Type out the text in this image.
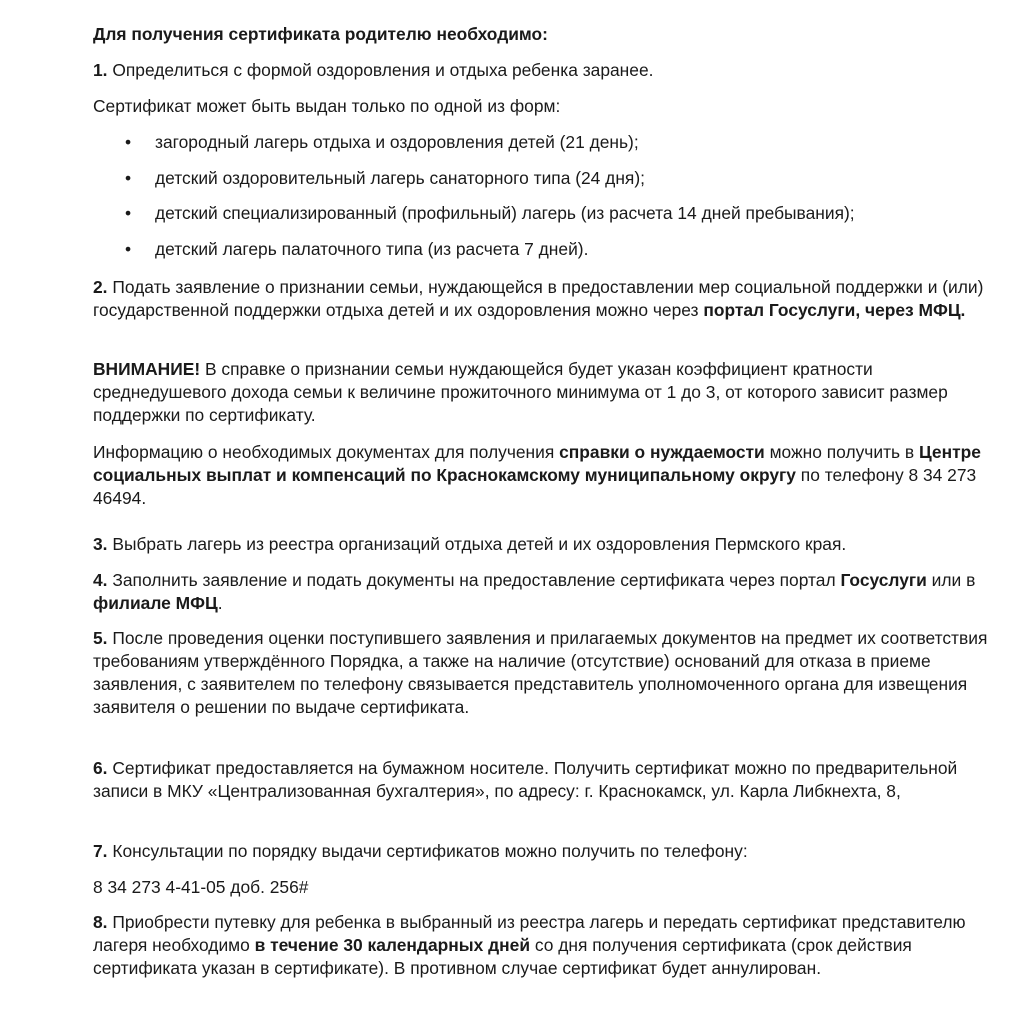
Для получения сертификата родителю необходимо:

1. Определиться с формой оздоровления и отдыха ребенка заранее.

Сертификат может быть выдан только по одной из форм:

• загородный лагерь отдыха и оздоровления детей (21 день);
• детский оздоровительный лагерь санаторного типа (24 дня);
• детский специализированный (профильный) лагерь (из расчета 14 дней пребывания);
• детский лагерь палаточного типа (из расчета 7 дней).

2. Подать заявление о признании семьи, нуждающейся в предоставлении мер социальной поддержки и (или) государственной поддержки отдыха детей и их оздоровления можно через портал Госуслуги, через МФЦ.

ВНИМАНИЕ! В справке о признании семьи нуждающейся будет указан коэффициент кратности среднедушевого дохода семьи к величине прожиточного минимума от 1 до 3, от которого зависит размер поддержки по сертификату.

Информацию о необходимых документах для получения справки о нуждаемости можно получить в Центре социальных выплат и компенсаций по Краснокамскому муниципальному округу по телефону 8 34 273 46494.

3. Выбрать лагерь из реестра организаций отдыха детей и их оздоровления Пермского края.

4. Заполнить заявление и подать документы на предоставление сертификата через портал Госуслуги или в филиале МФЦ.

5. После проведения оценки поступившего заявления и прилагаемых документов на предмет их соответствия требованиям утверждённого Порядка, а также на наличие (отсутствие) оснований для отказа в приеме заявления, с заявителем по телефону связывается представитель уполномоченного органа для извещения заявителя о решении по выдаче сертификата.

6. Сертификат предоставляется на бумажном носителе. Получить сертификат можно по предварительной записи в МКУ «Централизованная бухгалтерия», по адресу: г. Краснокамск, ул. Карла Либкнехта, 8,

7. Консультации по порядку выдачи сертификатов можно получить по телефону:

8 34 273 4-41-05 доб. 256#

8. Приобрести путевку для ребенка в выбранный из реестра лагерь и передать сертификат представителю лагеря необходимо в течение 30 календарных дней со дня получения сертификата (срок действия сертификата указан в сертификате). В противном случае сертификат будет аннулирован.
